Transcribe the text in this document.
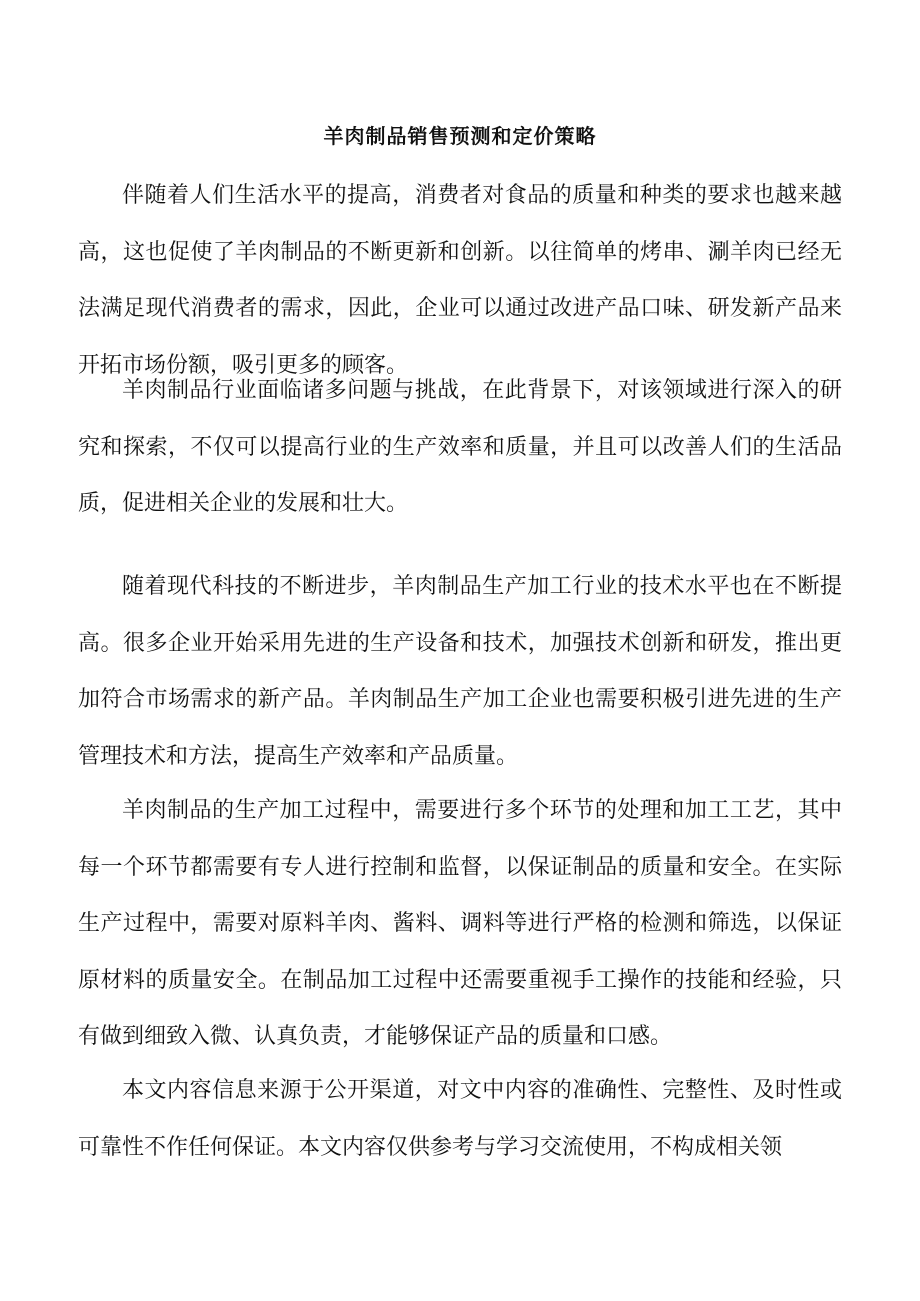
羊肉制品销售预测和定价策略

伴随着人们生活水平的提高，消费者对食品的质量和种类的要求也越来越高，这也促使了羊肉制品的不断更新和创新。以往简单的烤串、涮羊肉已经无法满足现代消费者的需求，因此，企业可以通过改进产品口味、研发新产品来开拓市场份额，吸引更多的顾客。

羊肉制品行业面临诸多问题与挑战，在此背景下，对该领域进行深入的研究和探索，不仅可以提高行业的生产效率和质量，并且可以改善人们的生活品质，促进相关企业的发展和壮大。

随着现代科技的不断进步，羊肉制品生产加工行业的技术水平也在不断提高。很多企业开始采用先进的生产设备和技术，加强技术创新和研发，推出更加符合市场需求的新产品。羊肉制品生产加工企业也需要积极引进先进的生产管理技术和方法，提高生产效率和产品质量。

羊肉制品的生产加工过程中，需要进行多个环节的处理和加工工艺，其中每一个环节都需要有专人进行控制和监督，以保证制品的质量和安全。在实际生产过程中，需要对原料羊肉、酱料、调料等进行严格的检测和筛选，以保证原材料的质量安全。在制品加工过程中还需要重视手工操作的技能和经验，只有做到细致入微、认真负责，才能够保证产品的质量和口感。

本文内容信息来源于公开渠道，对文中内容的准确性、完整性、及时性或可靠性不作任何保证。本文内容仅供参考与学习交流使用，不构成相关领
